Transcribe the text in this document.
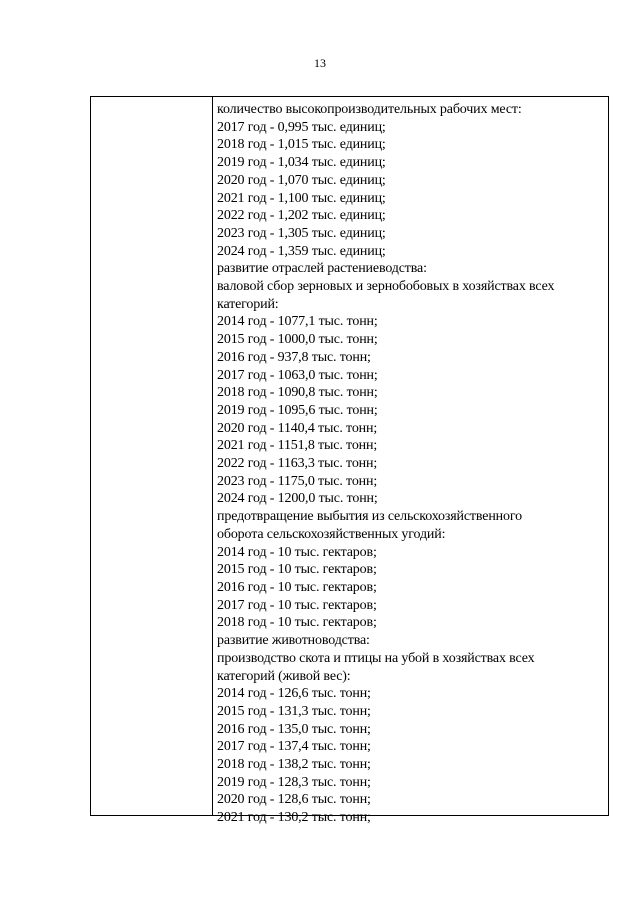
13
количество высокопроизводительных рабочих мест:
2017 год - 0,995 тыс. единиц;
2018 год - 1,015 тыс. единиц;
2019 год - 1,034 тыс. единиц;
2020 год - 1,070 тыс. единиц;
2021 год - 1,100 тыс. единиц;
2022 год - 1,202 тыс. единиц;
2023 год - 1,305 тыс. единиц;
2024 год - 1,359 тыс. единиц;
развитие отраслей растениеводства:
валовой сбор зерновых и зернобобовых в хозяйствах всех
категорий:
2014 год - 1077,1 тыс. тонн;
2015 год - 1000,0 тыс. тонн;
2016 год - 937,8 тыс. тонн;
2017 год - 1063,0 тыс. тонн;
2018 год - 1090,8 тыс. тонн;
2019 год - 1095,6 тыс. тонн;
2020 год - 1140,4 тыс. тонн;
2021 год - 1151,8 тыс. тонн;
2022 год - 1163,3 тыс. тонн;
2023 год - 1175,0 тыс. тонн;
2024 год - 1200,0 тыс. тонн;
предотвращение выбытия из сельскохозяйственного
оборота сельскохозяйственных угодий:
2014 год - 10 тыс. гектаров;
2015 год - 10 тыс. гектаров;
2016 год - 10 тыс. гектаров;
2017 год - 10 тыс. гектаров;
2018 год - 10 тыс. гектаров;
развитие животноводства:
производство скота и птицы на убой в хозяйствах всех
категорий (живой вес):
2014 год - 126,6 тыс. тонн;
2015 год - 131,3 тыс. тонн;
2016 год - 135,0 тыс. тонн;
2017 год - 137,4 тыс. тонн;
2018 год - 138,2 тыс. тонн;
2019 год - 128,3 тыс. тонн;
2020 год - 128,6 тыс. тонн;
2021 год - 130,2 тыс. тонн;
